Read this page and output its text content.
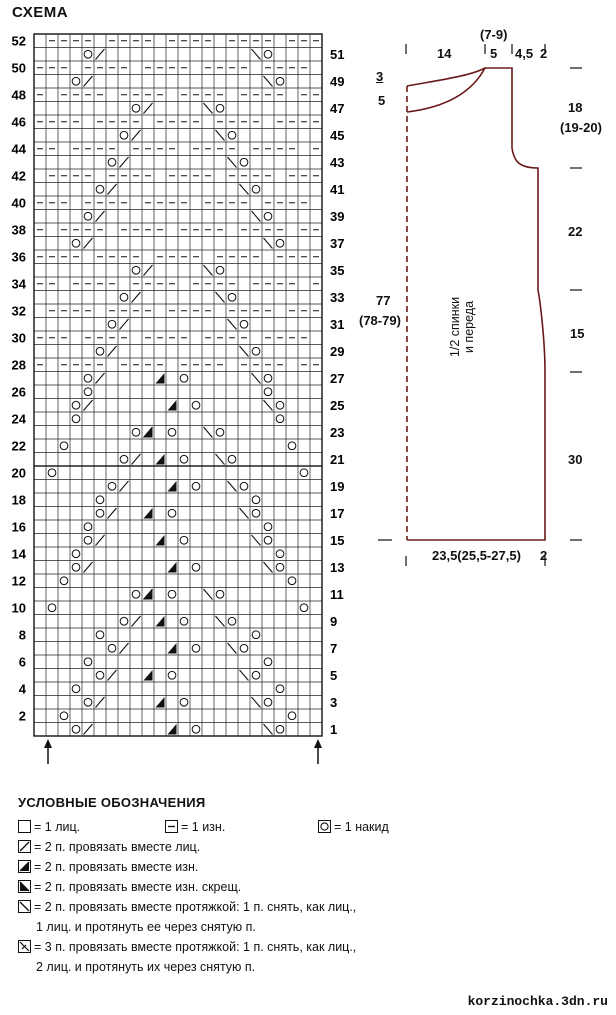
СХЕМА
1
3
5
7
9
11
13
15
17
19
21
23
25
27
29
31
33
35
37
39
41
43
45
47
49
51
2
4
6
8
10
12
14
16
18
20
22
24
26
28
30
32
34
36
38
40
42
44
46
48
50
52
14
(7-9)
5 4,5 2
3
5	18
(19-20)
22
15
30
77
(78-79)
23,5(25,5-27,5) 2
1/2 спинки и переда
УСЛОВНЫЕ ОБОЗНАЧЕНИЯ
= 1 лиц.	= 1 изн.	= 1 накид
= 2 п. провязать вместе лиц.
= 2 п. провязать вместе изн.
= 2 п. провязать вместе изн. скрещ.
= 2 п. провязать вместе протяжкой: 1 п. снять, как лиц.,
1 лиц. и протянуть ее через снятую п.
= 3 п. провязать вместе протяжкой: 1 п. снять, как лиц.,
2 лиц. и протянуть их через снятую п.
korzinochka.3dn.ru
